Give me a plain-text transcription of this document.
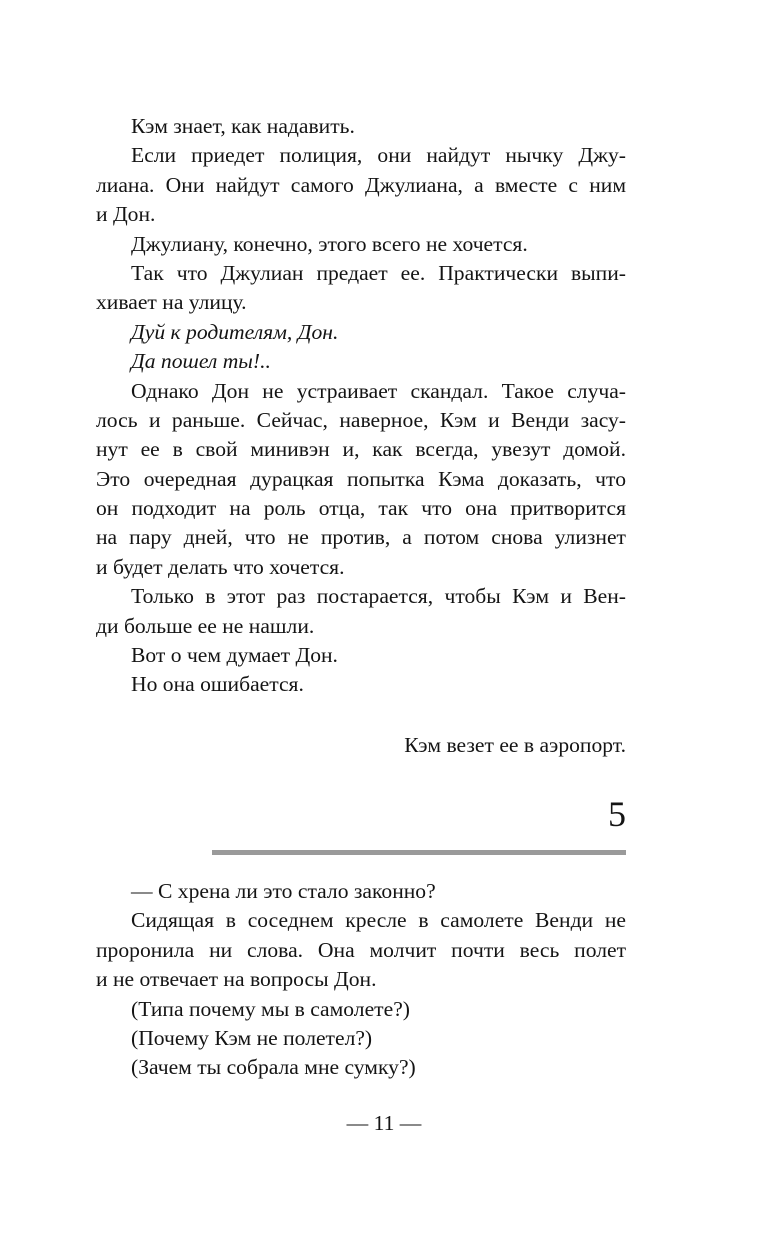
Кэм знает, как надавить.
Если приедет полиция, они найдут нычку Джу-
лиана. Они найдут самого Джулиана, а вместе с ним
и Дон.
Джулиану, конечно, этого всего не хочется.
Так что Джулиан предает ее. Практически выпи-
хивает на улицу.
Дуй к родителям, Дон.
Да пошел ты!..
Однако Дон не устраивает скандал. Такое случа-
лось и раньше. Сейчас, наверное, Кэм и Венди засу-
нут ее в свой минивэн и, как всегда, увезут домой.
Это очередная дурацкая попытка Кэма доказать, что
он подходит на роль отца, так что она притворится
на пару дней, что не против, а потом снова улизнет
и будет делать что хочется.
Только в этот раз постарается, чтобы Кэм и Вен-
ди больше ее не нашли.
Вот о чем думает Дон.
Но она ошибается.
Кэм везет ее в аэропорт.
5
— С хрена ли это стало законно?
Сидящая в соседнем кресле в самолете Венди не
проронила ни слова. Она молчит почти весь полет
и не отвечает на вопросы Дон.
(Типа почему мы в самолете?)
(Почему Кэм не полетел?)
(Зачем ты собрала мне сумку?)
— 11 —
